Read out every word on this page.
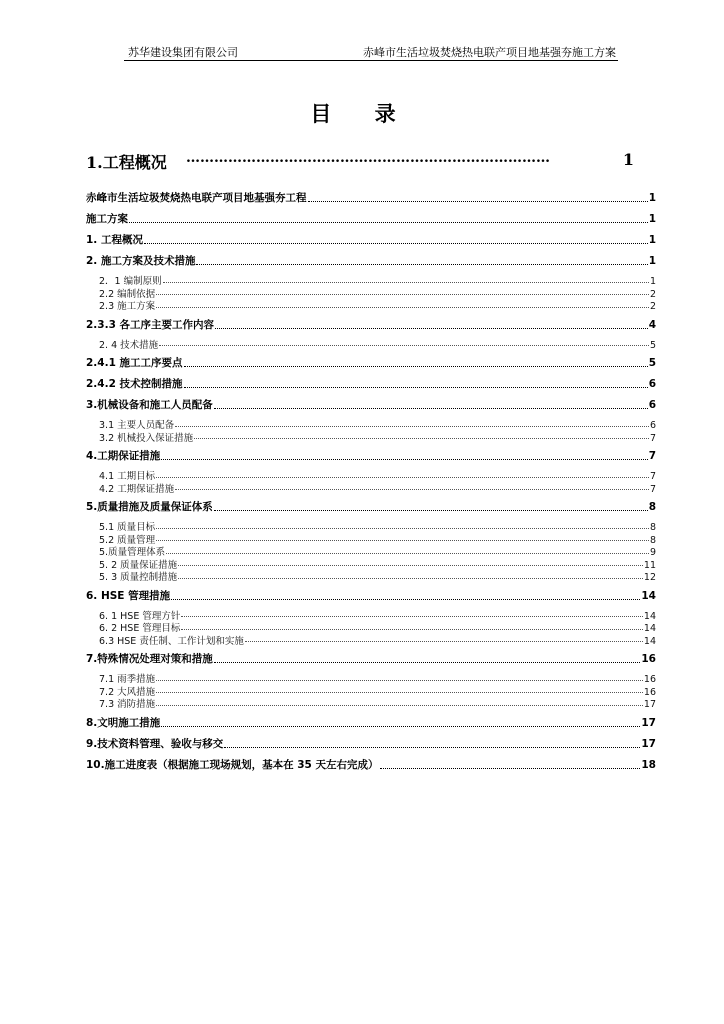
苏华建设集团有限公司	赤峰市生活垃圾焚烧热电联产项目地基强夯施工方案
目 录
1.工程概况 ……………………………………………………………………	1
赤峰市生活垃圾焚烧热电联产项目地基强夯工程	1
施工方案	1
1. 工程概况	1
2. 施工方案及技术措施	1
2．1 编制原则	1
2.2 编制依据	2
2.3 施工方案	2
2.3.3 各工序主要工作内容	4
2. 4 技术措施	5
2.4.1 施工工序要点	5
2.4.2 技术控制措施	6
3.机械设备和施工人员配备	6
3.1 主要人员配备	6
3.2 机械投入保证措施	7
4.工期保证措施	7
4.1 工期目标	7
4.2 工期保证措施	7
5.质量措施及质量保证体系	8
5.1 质量目标	8
5.2 质量管理	8
5.质量管理体系	9
5. 2 质量保证措施	11
5. 3 质量控制措施	12
6. HSE 管理措施	14
6. 1 HSE 管理方针	14
6. 2 HSE 管理目标	14
6.3 HSE 责任制、工作计划和实施	14
7.特殊情况处理对策和措施	16
7.1 雨季措施	16
7.2 大风措施	16
7.3 消防措施	17
8.文明施工措施	17
9.技术资料管理、验收与移交	17
10.施工进度表（根据施工现场规划，基本在 35 天左右完成）	18
